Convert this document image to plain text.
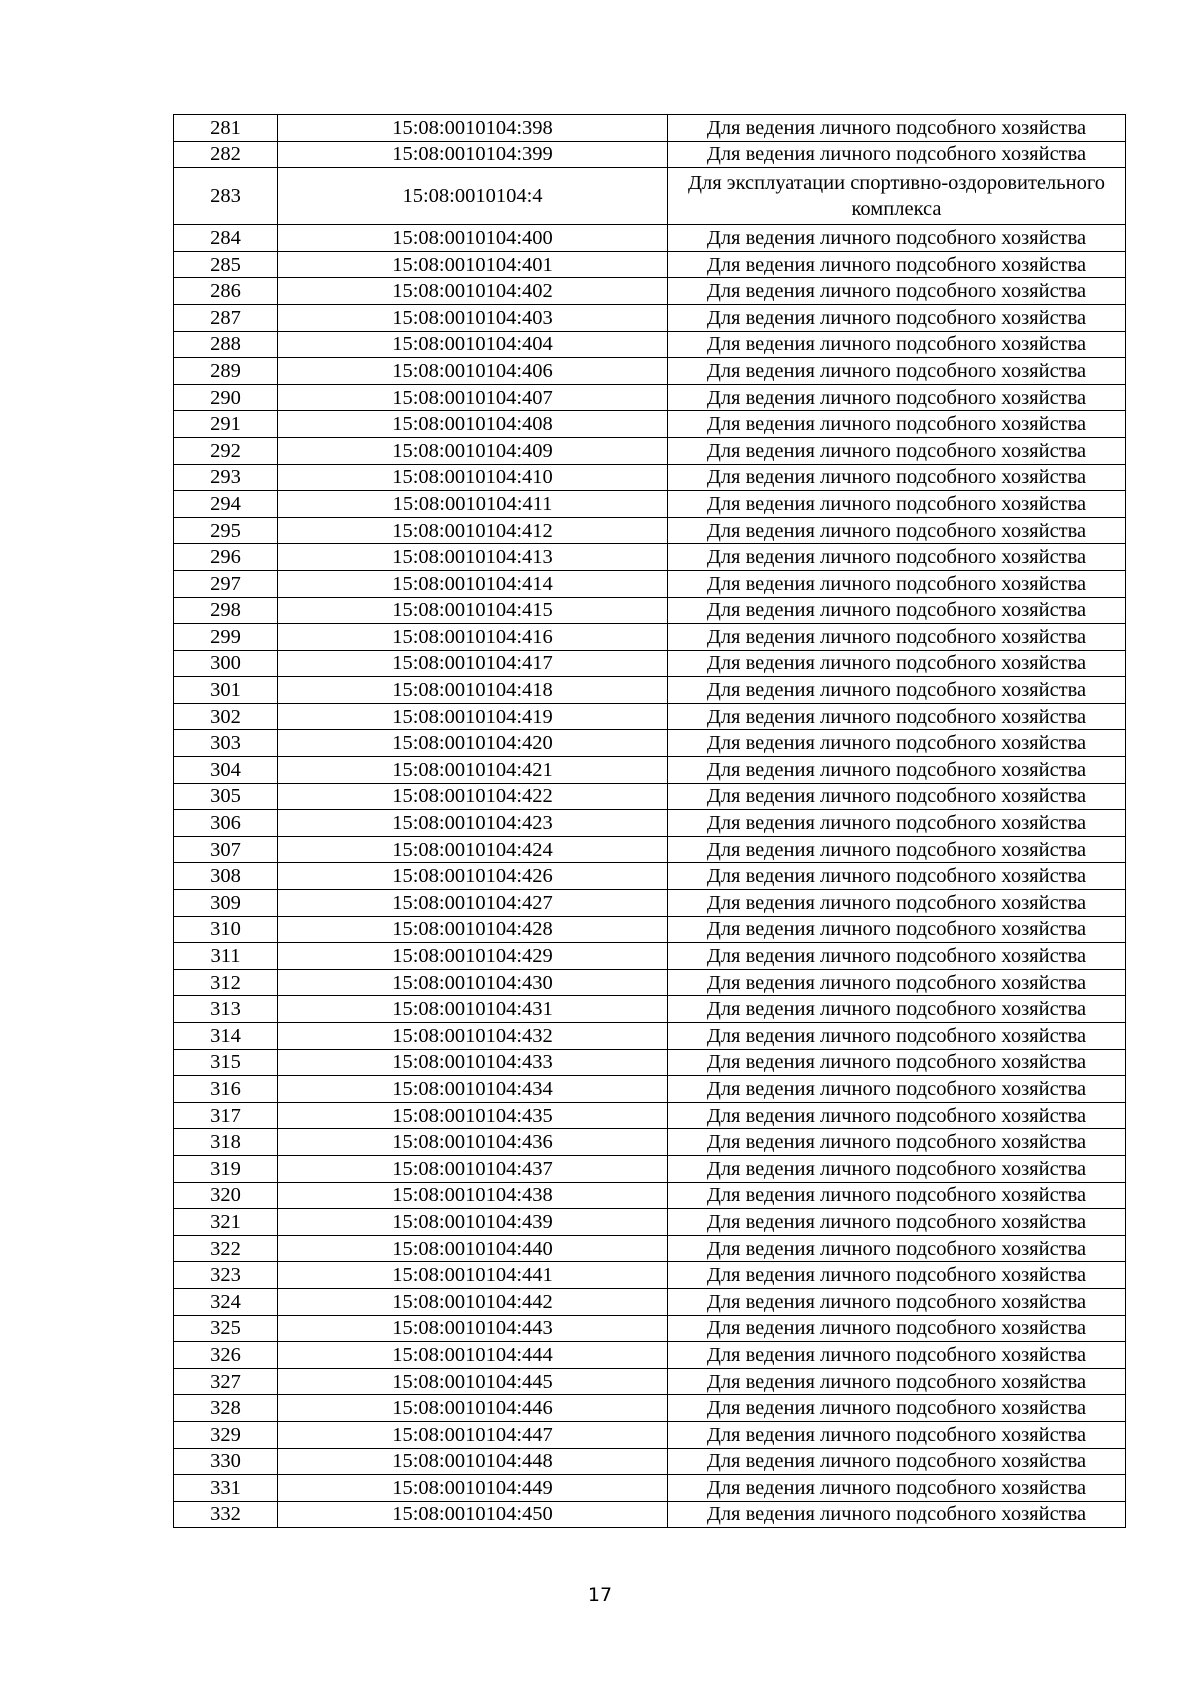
281	15:08:0010104:398	Для ведения личного подсобного хозяйства
282	15:08:0010104:399	Для ведения личного подсобного хозяйства
283	15:08:0010104:4	Для эксплуатации спортивно-оздоровительного комплекса
284	15:08:0010104:400	Для ведения личного подсобного хозяйства
285	15:08:0010104:401	Для ведения личного подсобного хозяйства
286	15:08:0010104:402	Для ведения личного подсобного хозяйства
287	15:08:0010104:403	Для ведения личного подсобного хозяйства
288	15:08:0010104:404	Для ведения личного подсобного хозяйства
289	15:08:0010104:406	Для ведения личного подсобного хозяйства
290	15:08:0010104:407	Для ведения личного подсобного хозяйства
291	15:08:0010104:408	Для ведения личного подсобного хозяйства
292	15:08:0010104:409	Для ведения личного подсобного хозяйства
293	15:08:0010104:410	Для ведения личного подсобного хозяйства
294	15:08:0010104:411	Для ведения личного подсобного хозяйства
295	15:08:0010104:412	Для ведения личного подсобного хозяйства
296	15:08:0010104:413	Для ведения личного подсобного хозяйства
297	15:08:0010104:414	Для ведения личного подсобного хозяйства
298	15:08:0010104:415	Для ведения личного подсобного хозяйства
299	15:08:0010104:416	Для ведения личного подсобного хозяйства
300	15:08:0010104:417	Для ведения личного подсобного хозяйства
301	15:08:0010104:418	Для ведения личного подсобного хозяйства
302	15:08:0010104:419	Для ведения личного подсобного хозяйства
303	15:08:0010104:420	Для ведения личного подсобного хозяйства
304	15:08:0010104:421	Для ведения личного подсобного хозяйства
305	15:08:0010104:422	Для ведения личного подсобного хозяйства
306	15:08:0010104:423	Для ведения личного подсобного хозяйства
307	15:08:0010104:424	Для ведения личного подсобного хозяйства
308	15:08:0010104:426	Для ведения личного подсобного хозяйства
309	15:08:0010104:427	Для ведения личного подсобного хозяйства
310	15:08:0010104:428	Для ведения личного подсобного хозяйства
311	15:08:0010104:429	Для ведения личного подсобного хозяйства
312	15:08:0010104:430	Для ведения личного подсобного хозяйства
313	15:08:0010104:431	Для ведения личного подсобного хозяйства
314	15:08:0010104:432	Для ведения личного подсобного хозяйства
315	15:08:0010104:433	Для ведения личного подсобного хозяйства
316	15:08:0010104:434	Для ведения личного подсобного хозяйства
317	15:08:0010104:435	Для ведения личного подсобного хозяйства
318	15:08:0010104:436	Для ведения личного подсобного хозяйства
319	15:08:0010104:437	Для ведения личного подсобного хозяйства
320	15:08:0010104:438	Для ведения личного подсобного хозяйства
321	15:08:0010104:439	Для ведения личного подсобного хозяйства
322	15:08:0010104:440	Для ведения личного подсобного хозяйства
323	15:08:0010104:441	Для ведения личного подсобного хозяйства
324	15:08:0010104:442	Для ведения личного подсобного хозяйства
325	15:08:0010104:443	Для ведения личного подсобного хозяйства
326	15:08:0010104:444	Для ведения личного подсобного хозяйства
327	15:08:0010104:445	Для ведения личного подсобного хозяйства
328	15:08:0010104:446	Для ведения личного подсобного хозяйства
329	15:08:0010104:447	Для ведения личного подсобного хозяйства
330	15:08:0010104:448	Для ведения личного подсобного хозяйства
331	15:08:0010104:449	Для ведения личного подсобного хозяйства
332	15:08:0010104:450	Для ведения личного подсобного хозяйства
17
